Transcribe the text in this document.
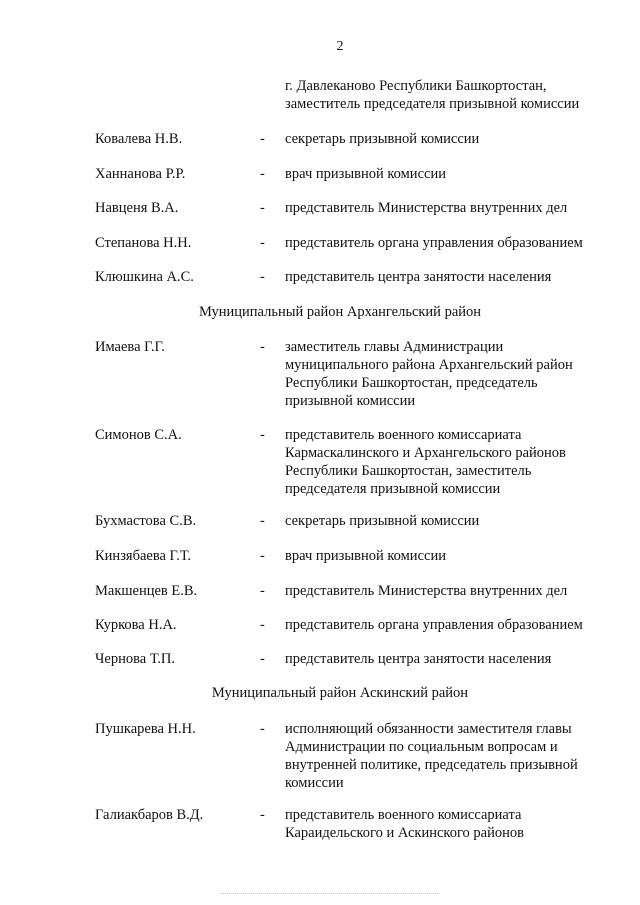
2
г. Давлеканово Республики Башкортостан,
заместитель председателя призывной комиссии
Ковалева Н.В.	- секретарь призывной комиссии
Ханнанова Р.Р.	- врач призывной комиссии
Навценя В.А.	- представитель Министерства внутренних дел
Степанова Н.Н.	- представитель органа управления образованием
Клюшкина А.С.	- представитель центра занятости населения
Муниципальный район Архангельский район
Имаева Г.Г.	- заместитель главы Администрации
муниципального района Архангельский район
Республики Башкортостан, председатель
призывной комиссии
Симонов С.А.	- представитель военного комиссариата
Кармаскалинского и Архангельского районов
Республики Башкортостан, заместитель
председателя призывной комиссии
Бухмастова С.В.	- секретарь призывной комиссии
Кинзябаева Г.Т.	- врач призывной комиссии
Макшенцев Е.В.	- представитель Министерства внутренних дел
Куркова Н.А.	- представитель органа управления образованием
Чернова Т.П.	- представитель центра занятости населения
Муниципальный район Аскинский район
Пушкарева Н.Н.	- исполняющий обязанности заместителя главы
Администрации по социальным вопросам и
внутренней политике, председатель призывной
комиссии
Галиакбаров В.Д.	- представитель военного комиссариата
Караидельского и Аскинского районов
